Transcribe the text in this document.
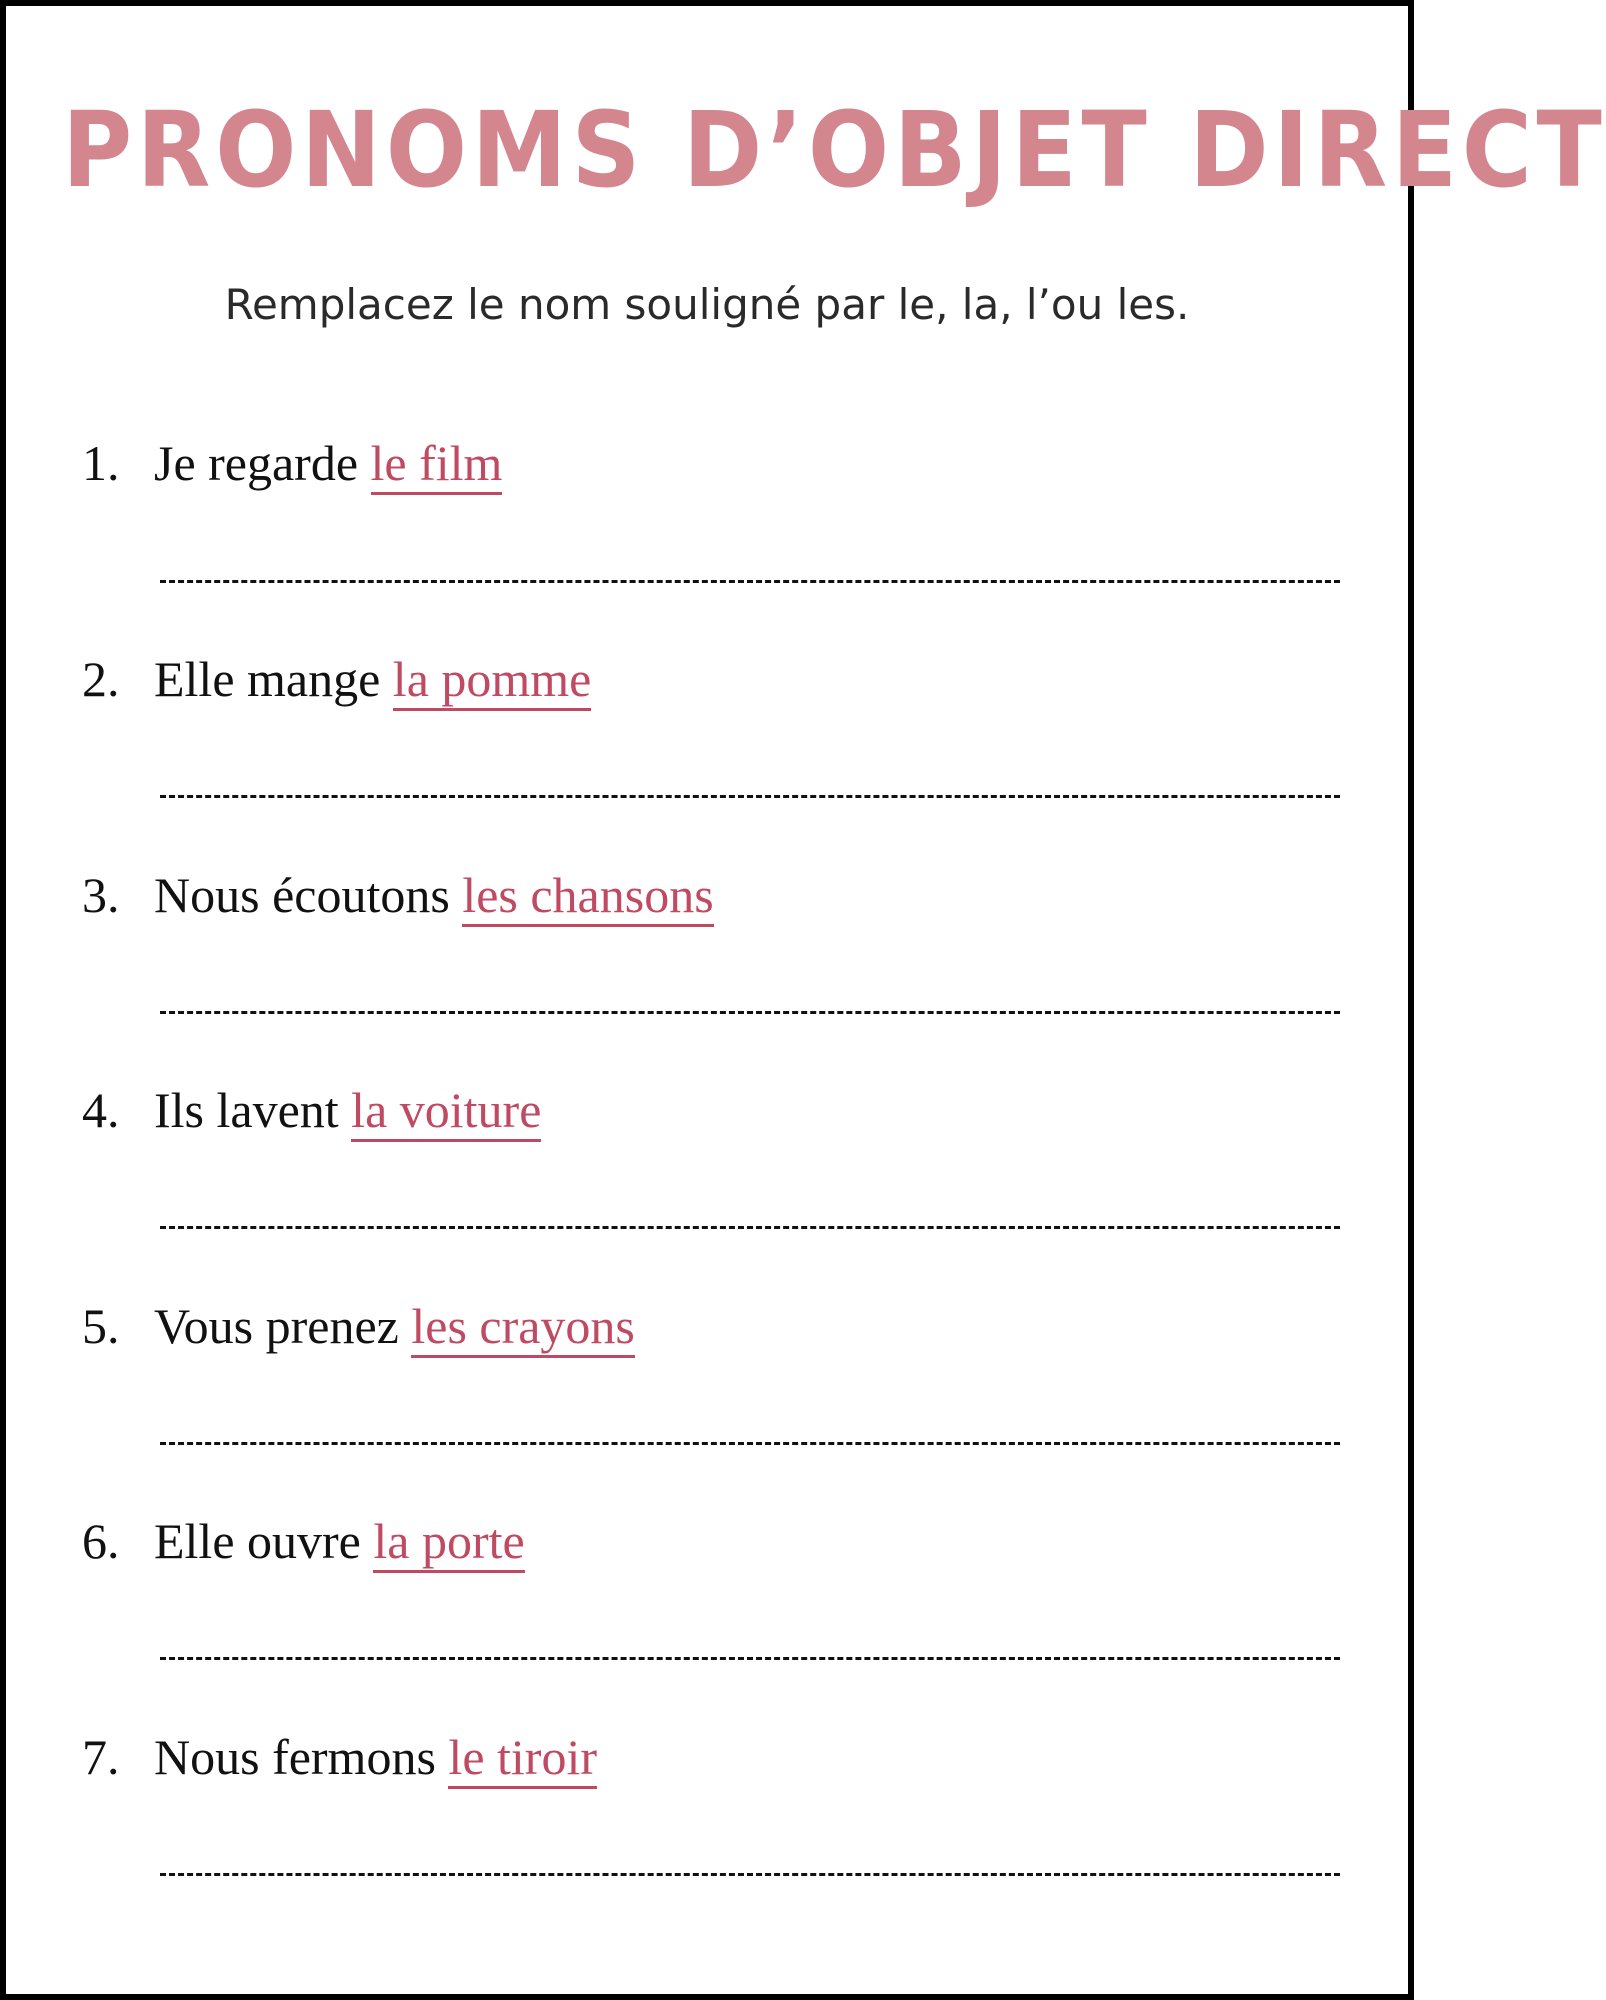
PRONOMS D’OBJET DIRECT
Remplacez le nom souligné par le, la, l’ou les.
1. Je regarde le film
2. Elle mange la pomme
3. Nous écoutons les chansons
4. Ils lavent la voiture
5. Vous prenez les crayons
6. Elle ouvre la porte
7. Nous fermons le tiroir
